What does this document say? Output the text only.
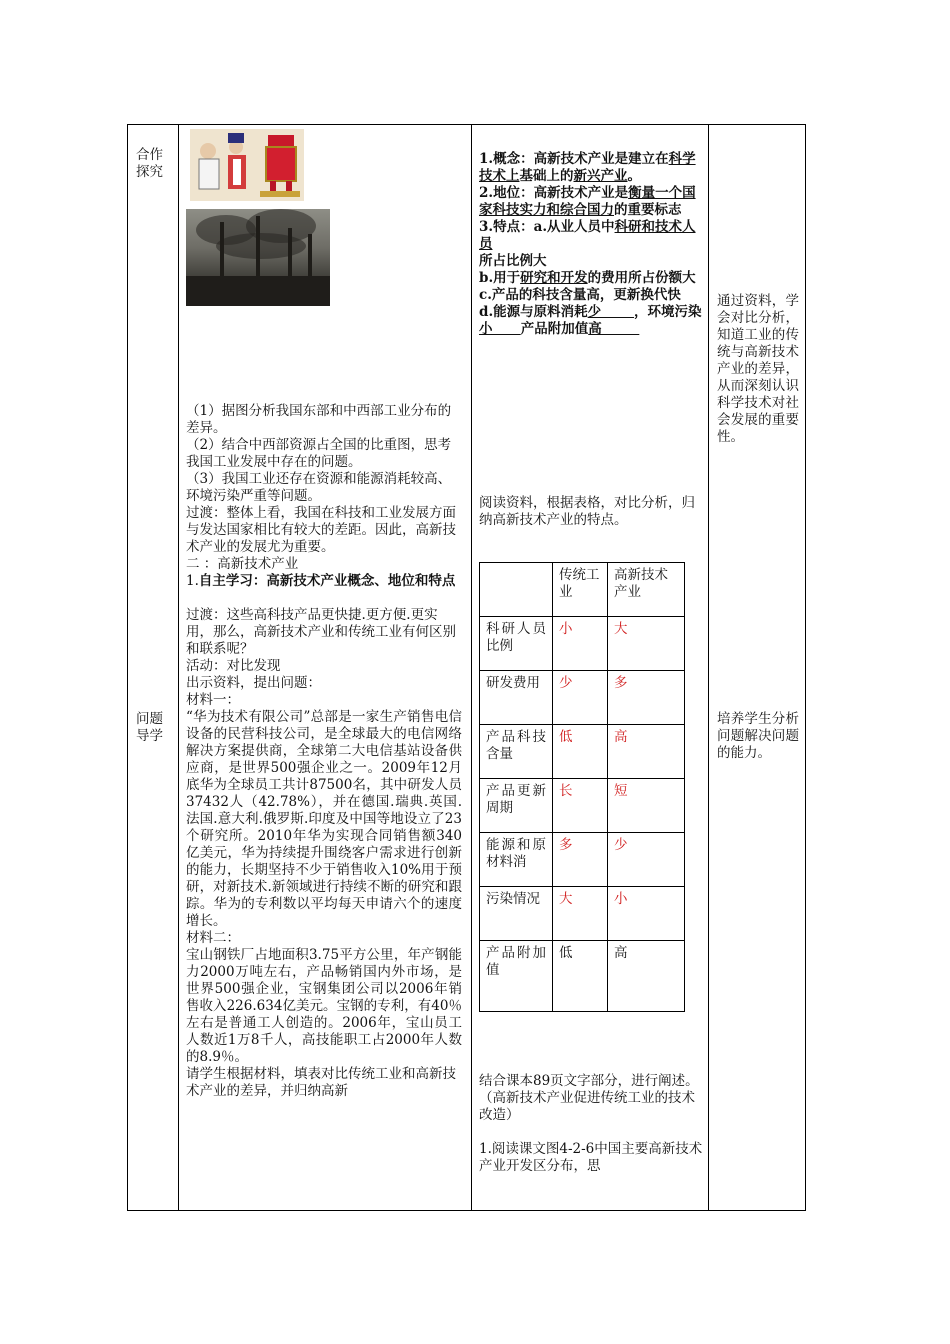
合作探究
问题导学

（1）据图分析我国东部和中西部工业分布的差异。

（2）结合中西部资源占全国的比重图，思考我国工业发展中存在的问题。

（3）我国工业还存在资源和能源消耗较高、环境污染严重等问题。

过渡：整体上看，我国在科技和工业发展方面与发达国家相比有较大的差距。因此，高新技术产业的发展尤为重要。

二 ：高新技术产业

1.自主学习：高新技术产业概念、地位和特点

过渡：这些高科技产品更快捷.更方便.更实用，那么，高新技术产业和传统工业有何区别和联系呢？

活动：对比发现

出示资料，提出问题：

材料一：

“华为技术有限公司”总部是一家生产销售电信设备的民营科技公司，是全球最大的电信网络解决方案提供商，全球第二大电信基站设备供应商，是世界500强企业之一。2009年12月底华为全球员工共计87500名，其中研发人员37432人（42.78%），并在德国.瑞典.英国.法国.意大利.俄罗斯.印度及中国等地设立了23个研究所。2010年华为实现合同销售额340亿美元，华为持续提升围绕客户需求进行创新的能力，长期坚持不少于销售收入10%用于预研，对新技术.新领域进行持续不断的研究和跟踪。华为的专利数以平均每天申请六个的速度增长。

材料二：

宝山钢铁厂占地面积3.75平方公里，年产钢能力2000万吨左右，产品畅销国内外市场，是世界500强企业，宝钢集团公司以2006年销售收入226.634亿美元。宝钢的专利，有40％左右是普通工人创造的。2006年，宝山员工人数近1万8千人，高技能职工占2000年人数的8.9％。

请学生根据材料，填表对比传统工业和高新技术产业的差异，并归纳高新

1.概念：高新技术产业是建立在科学技术上基础上的新兴产业。

2.地位：高新技术产业是衡量一个国家科技实力和综合国力的重要标志

3.特点：a.从业人员中科研和技术人员

所占比例大

b.用于研究和开发的费用所占份额大

c.产品的科技含量高，更新换代快

d.能源与原料消耗少       ，环境污染小      产品附加值高

阅读资料，根据表格，对比分析，归纳高新技术产业的特点。
	传统工业	高新技术产业
科研人员比例	小	大
研发费用	少	多
产品科技含量	低	高
产品更新周期	长	短
能源和原材料消	多	少
污染情况	大	小
产品附加值	低	高

结合课本89页文字部分，进行阐述。

（高新技术产业促进传统工业的技术改造）

1.阅读课文图4-2-6中国主要高新技术产业开发区分布，思

通过资料，学会对比分析，知道工业的传统与高新技术产业的差异，从而深刻认识科学技术对社会发展的重要性。
培养学生分析问题解决问题的能力。
